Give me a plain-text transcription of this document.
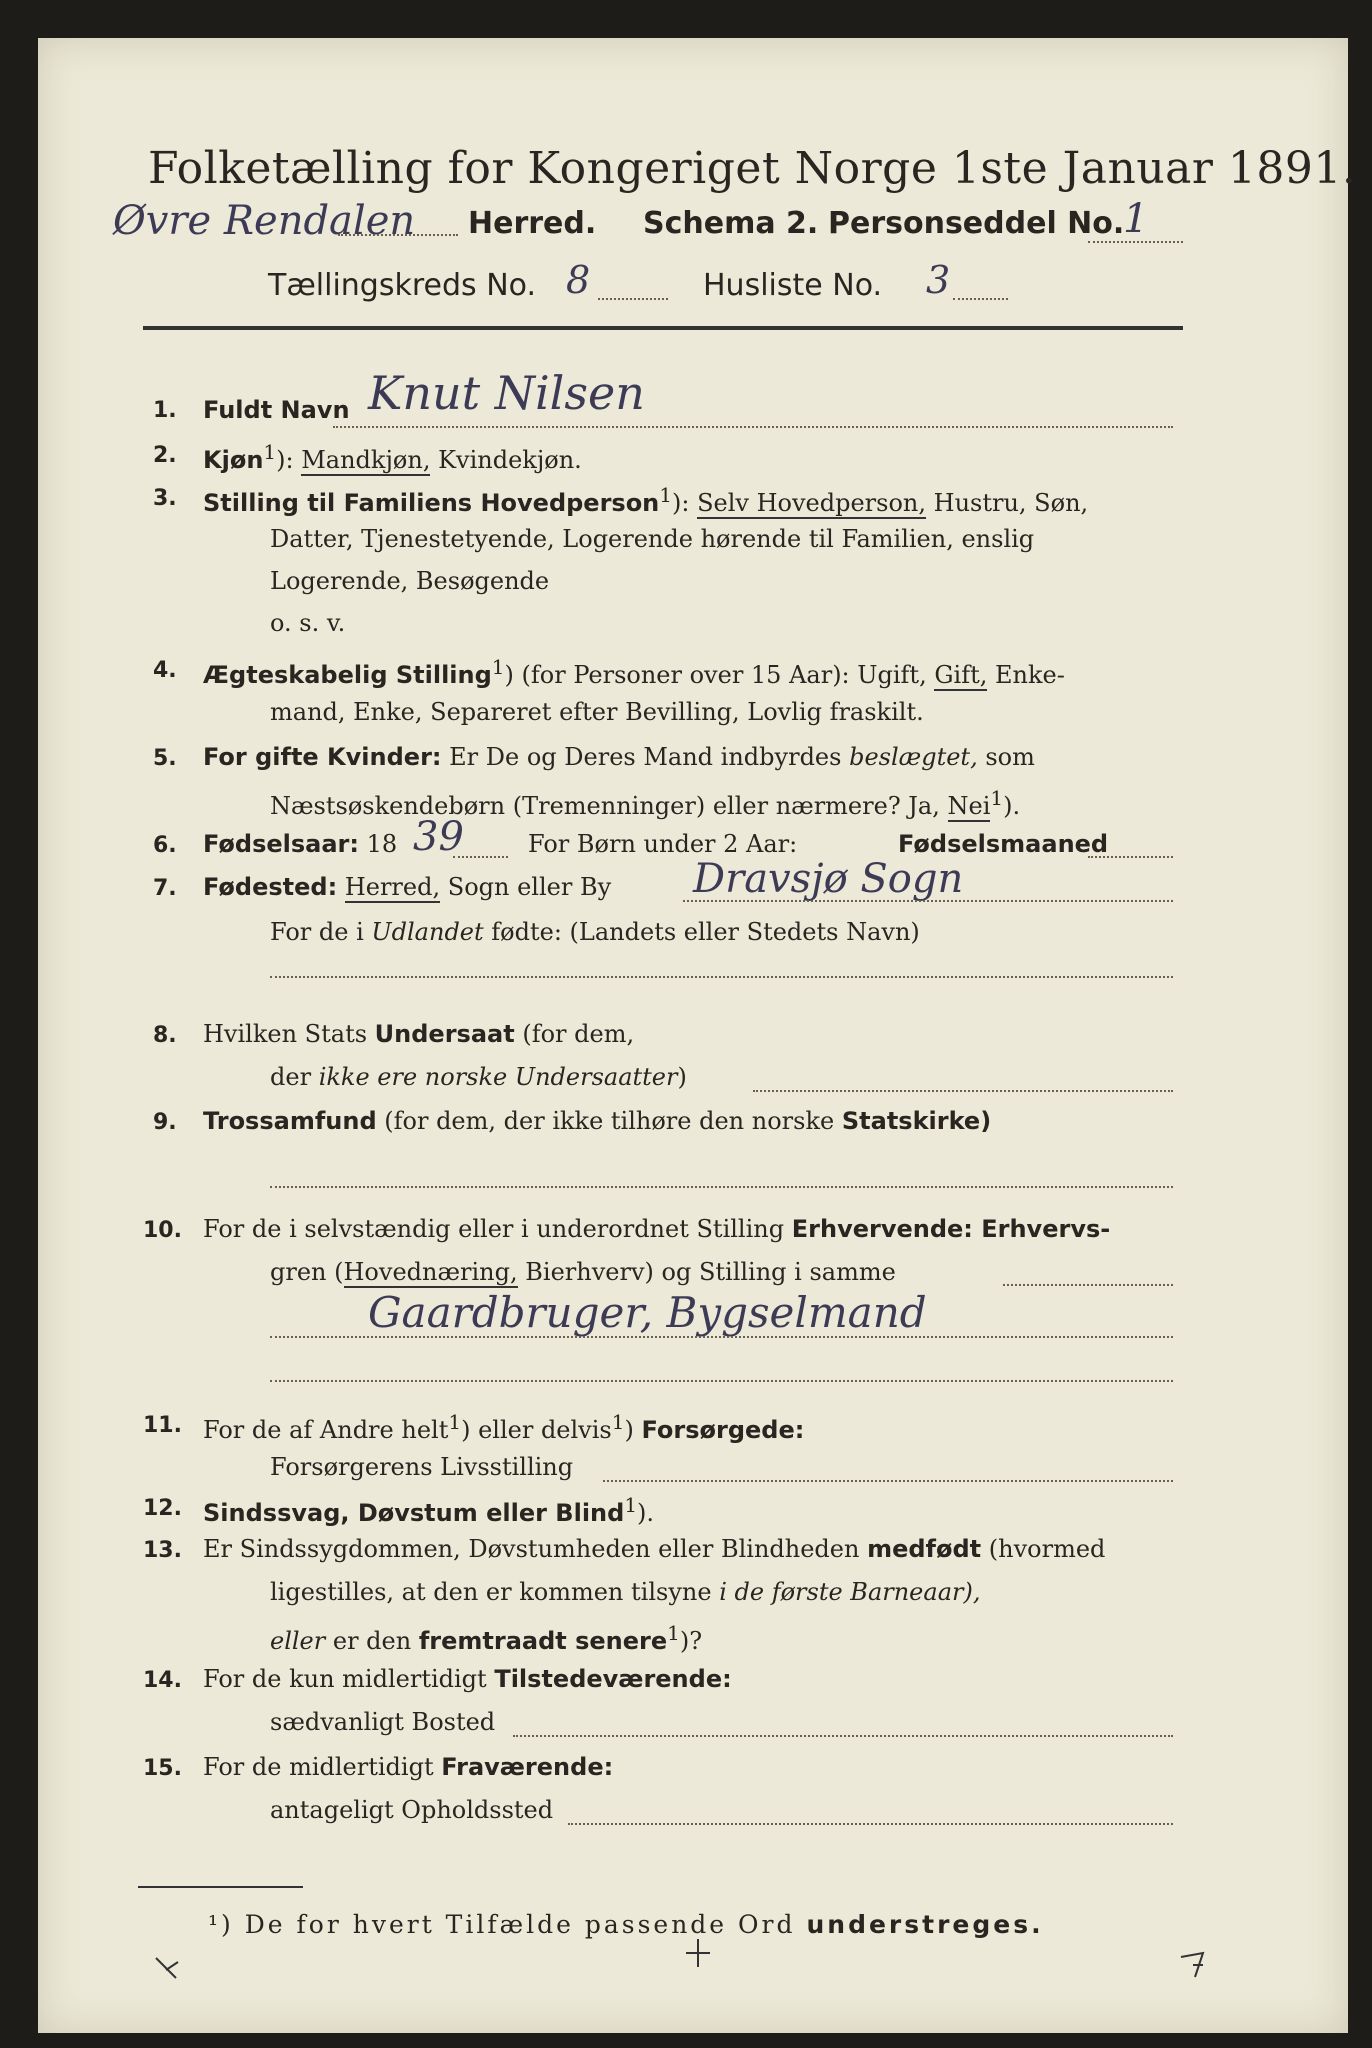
Folketælling for Kongeriget Norge 1ste Januar 1891.
Øvre Rendalen Herred. Schema 2. Personseddel No.
1
Tællingskreds No. 8	Husliste No. 3
1. Fuldt Navn Knut Nilsen
2. Kjøn$^1$): Mandkjøn, Kvindekjøn.
3. Stilling til Familiens Hovedperson$^1$): Selv Hovedperson, Hustru, Søn,
Datter, Tjenestetyende, Logerende hørende til Familien, enslig
Logerende, Besøgende
o. s. v.
4. Ægteskabelig Stilling$^1$) (for Personer over 15 Aar): Ugift, Gift, Enke-
mand, Enke, Separeret efter Bevilling, Lovlig fraskilt.
5. For gifte Kvinder: Er De og Deres Mand indbyrdes beslægtet, som
Næstsøskendebørn (Tremenninger) eller nærmere? Ja, Nei$^1$).
6. Fødselsaar: 18 39	For Børn under 2 Aar:	Fødselsmaaned
7. Fødested: Herred, Sogn eller By Dravsjø Sogn
For de i Udlandet fødte: (Landets eller Stedets Navn)
8. Hvilken Stats Undersaat (for dem,
der ikke ere norske Undersaatter)
9. Trossamfund (for dem, der ikke tilhøre den norske Statskirke)
10. For de i selvstændig eller i underordnet Stilling Erhvervende: Erhvervs-
gren (Hovednæring, Bierhverv) og Stilling i samme
Gaardbruger, Bygselmand
11. For de af Andre helt$^1$) eller delvis$^1$) Forsørgede:
Forsørgerens Livsstilling
12. Sindssvag, Døvstum eller Blind$^1$).
13. Er Sindssygdommen, Døvstumheden eller Blindheden medfødt (hvormed
ligestilles, at den er kommen tilsyne i de første Barneaar),
eller er den fremtraadt senere$^1$)?
14. For de kun midlertidigt Tilstedeværende:
sædvanligt Bosted
15. For de midlertidigt Fraværende:
antageligt Opholdssted
¹) De for hvert Tilfælde passende Ord understreges.
